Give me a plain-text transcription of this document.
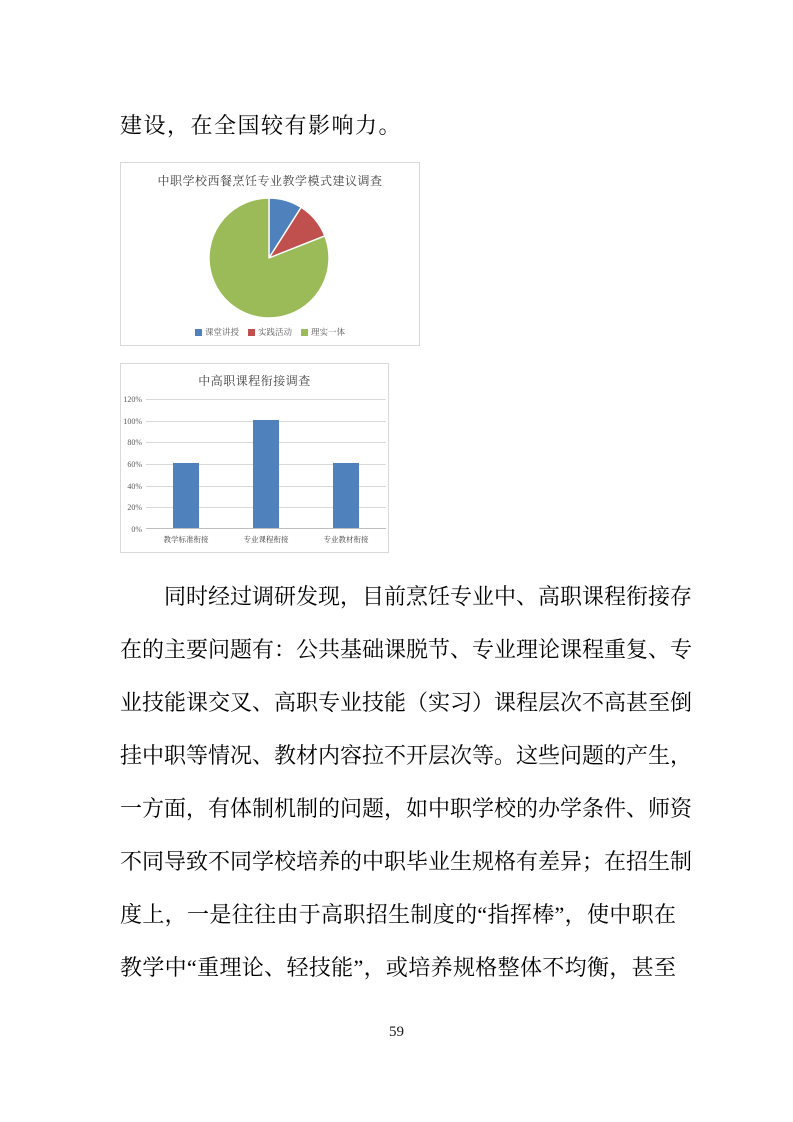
建设，在全国较有影响力。

中职学校西餐烹饪专业教学模式建议调查
课堂讲授 实践活动 理实一体
中高职课程衔接调查
0%
20%
40%
60%
80%
100%
120%
教学标准衔接	专业课程衔接	专业教材衔接
同时经过调研发现，目前烹饪专业中、高职课程衔接存
在的主要问题有：公共基础课脱节、专业理论课程重复、专
业技能课交叉、高职专业技能（实习）课程层次不高甚至倒
挂中职等情况、教材内容拉不开层次等。这些问题的产生，
一方面，有体制机制的问题，如中职学校的办学条件、师资
不同导致不同学校培养的中职毕业生规格有差异；在招生制
度上，一是往往由于高职招生制度的“指挥棒”，使中职在
教学中“重理论、轻技能”，或培养规格整体不均衡，甚至
59
